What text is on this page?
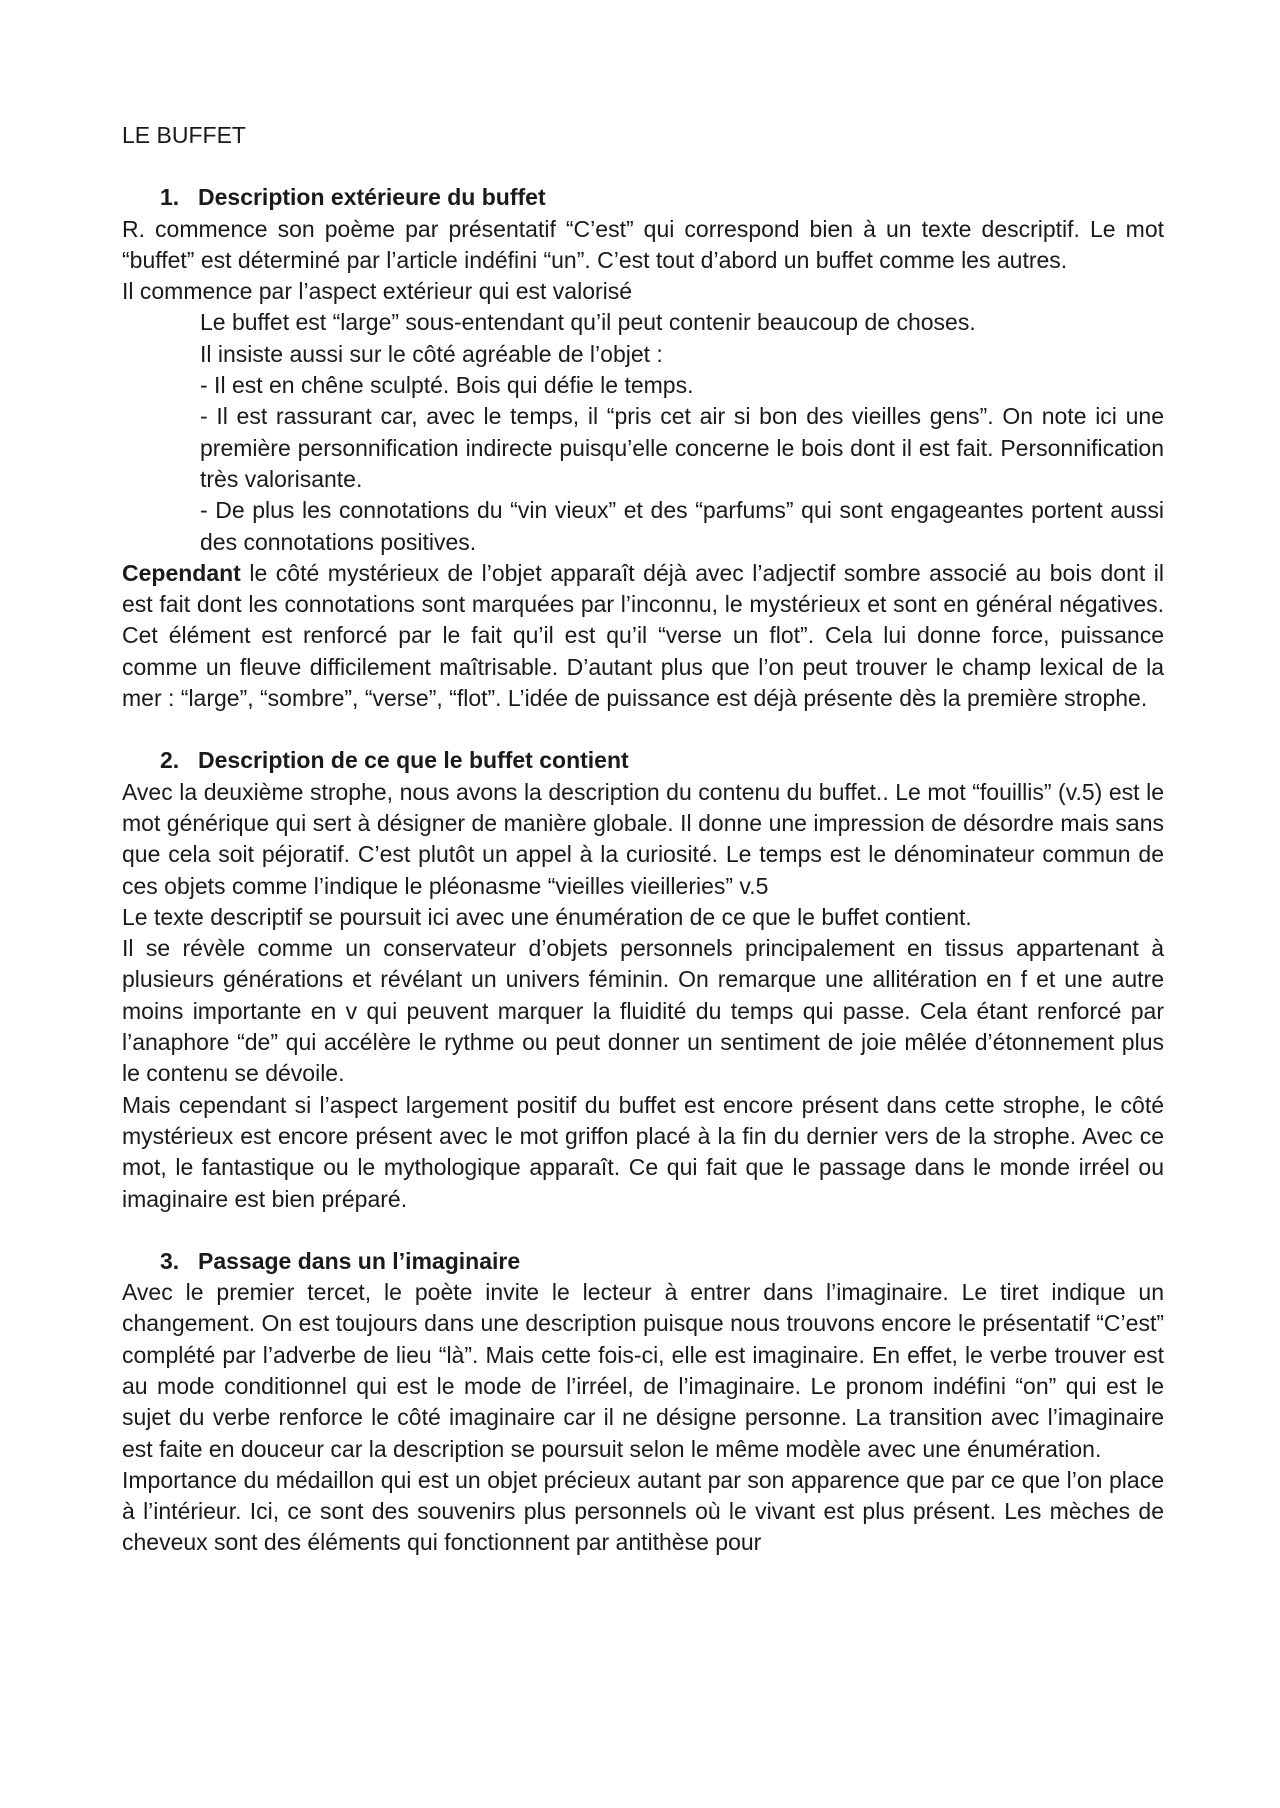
LE BUFFET
1. Description extérieure du buffet

R. commence son poème par présentatif “C’est” qui correspond bien à un texte descriptif. Le mot “buffet” est déterminé par l’article indéfini “un”. C’est tout d’abord un buffet comme les autres.

Il commence par l’aspect extérieur qui est valorisé

Le buffet est “large” sous-entendant qu’il peut contenir beaucoup de choses.

Il insiste aussi sur le côté agréable de l’objet :

- Il est en chêne sculpté. Bois qui défie le temps.

- Il est rassurant car, avec le temps, il “pris cet air si bon des vieilles gens”. On note ici une première personnification indirecte puisqu’elle concerne le bois dont il est fait. Personnification très valorisante.

- De plus les connotations du “vin vieux” et des “parfums” qui sont engageantes portent aussi des connotations positives.

Cependant le côté mystérieux de l’objet apparaît déjà avec l’adjectif sombre associé au bois dont il est fait dont les connotations sont marquées par l’inconnu, le mystérieux et sont en général négatives. Cet élément est renforcé par le fait qu’il est qu’il “verse un flot”. Cela lui donne force, puissance comme un fleuve difficilement maîtrisable. D’autant plus que l’on peut trouver le champ lexical de la mer : “large”, “sombre”, “verse”, “flot”. L’idée de puissance est déjà présente dès la première strophe.

2. Description de ce que le buffet contient

Avec la deuxième strophe, nous avons la description du contenu du buffet.. Le mot “fouillis” (v.5) est le mot générique qui sert à désigner de manière globale. Il donne une impression de désordre mais sans que cela soit péjoratif. C’est plutôt un appel à la curiosité. Le temps est le dénominateur commun de ces objets comme l’indique le pléonasme “vieilles vieilleries” v.5

Le texte descriptif se poursuit ici avec une énumération de ce que le buffet contient.

Il se révèle comme un conservateur d’objets personnels principalement en tissus appartenant à plusieurs générations et révélant un univers féminin. On remarque une allitération en f et une autre moins importante en v qui peuvent marquer la fluidité du temps qui passe. Cela étant renforcé par l’anaphore “de” qui accélère le rythme ou peut donner un sentiment de joie mêlée d’étonnement plus le contenu se dévoile.

Mais cependant si l’aspect largement positif du buffet est encore présent dans cette strophe, le côté mystérieux est encore présent avec le mot griffon placé à la fin du dernier vers de la strophe. Avec ce mot, le fantastique ou le mythologique apparaît. Ce qui fait que le passage dans le monde irréel ou imaginaire est bien préparé.

3. Passage dans un l’imaginaire

Avec le premier tercet, le poète invite le lecteur à entrer dans l’imaginaire. Le tiret indique un changement. On est toujours dans une description puisque nous trouvons encore le présentatif “C’est” complété par l’adverbe de lieu “là”. Mais cette fois-ci, elle est imaginaire. En effet, le verbe trouver est au mode conditionnel qui est le mode de l’irréel, de l’imaginaire. Le pronom indéfini “on” qui est le sujet du verbe renforce le côté imaginaire car il ne désigne personne. La transition avec l’imaginaire est faite en douceur car la description se poursuit selon le même modèle avec une énumération.

Importance du médaillon qui est un objet précieux autant par son apparence que par ce que l’on place à l’intérieur. Ici, ce sont des souvenirs plus personnels où le vivant est plus présent. Les mèches de cheveux sont des éléments qui fonctionnent par antithèse pour
